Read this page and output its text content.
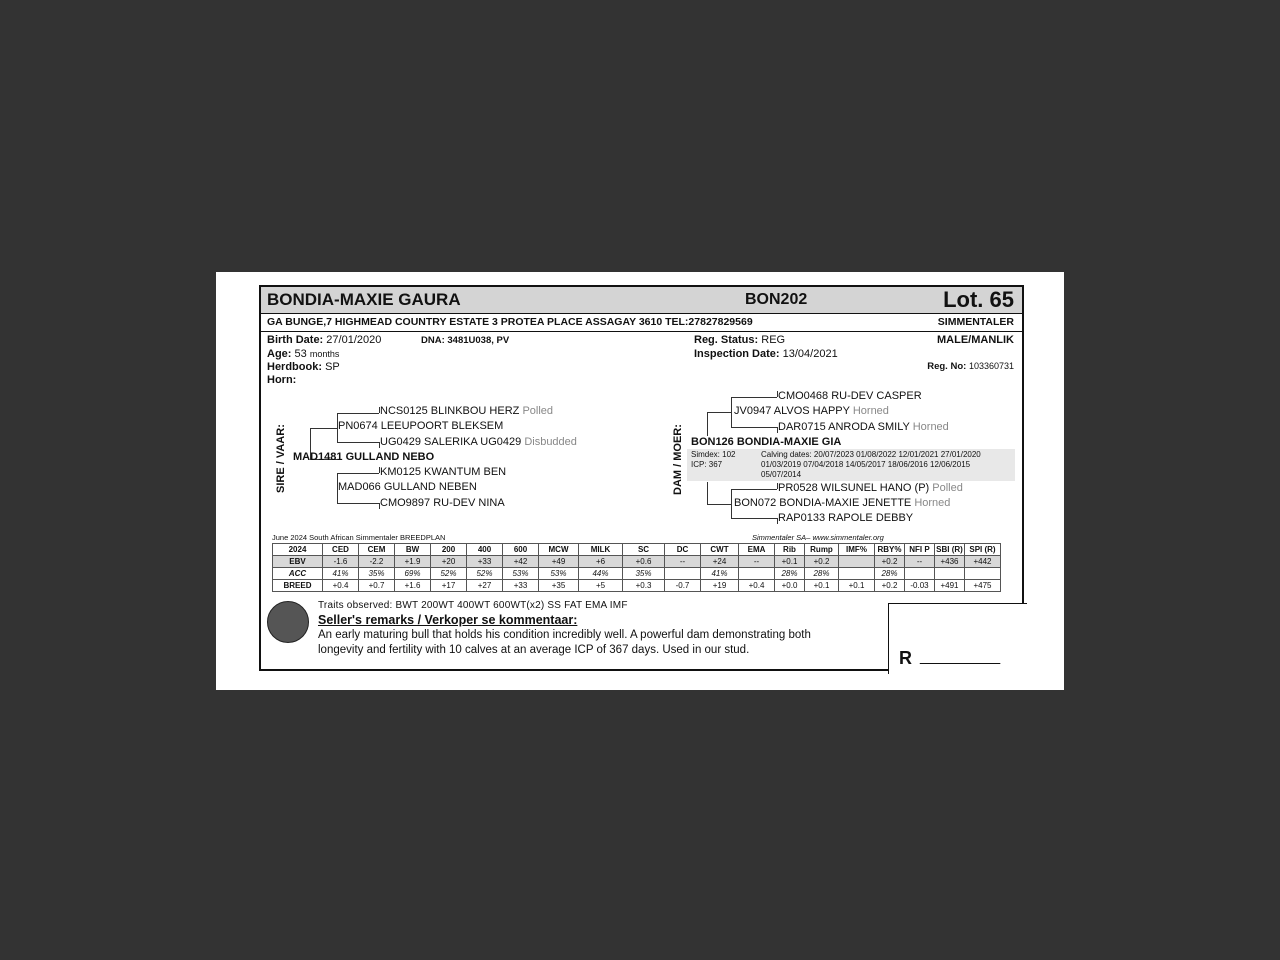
BONDIA-MAXIE GAURA	BON202	Lot. 65
GA BUNGE,7 HIGHMEAD COUNTRY ESTATE 3 PROTEA PLACE ASSAGAY 3610 TEL:27827829569	SIMMENTALER
Birth Date: 27/01/2020	DNA: 3481U038, PV
Age: 53 months
Herdbook: SP
Horn:
Reg. Status: REG
Inspection Date: 13/04/2021
MALE/MANLIK
Reg. No: 103360731
SIRE / VAAR:
NCS0125 BLINKBOU HERZ Polled
PN0674 LEEUPOORT BLEKSEM
UG0429 SALERIKA UG0429 Disbudded
MAD1481 GULLAND NEBO
KM0125 KWANTUM BEN
MAD066 GULLAND NEBEN
CMO9897 RU-DEV NINA
DAM / MOER:
CMO0468 RU-DEV CASPER
JV0947 ALVOS HAPPY Horned
DAR0715 ANRODA SMILY Horned
BON126 BONDIA-MAXIE GIA
Simdex: 102
ICP: 367
Calving dates: 20/07/2023 01/08/2022 12/01/2021 27/01/2020
01/03/2019 07/04/2018 14/05/2017 18/06/2016 12/06/2015
05/07/2014
PR0528 WILSUNEL HANO (P) Polled
BON072 BONDIA-MAXIE JENETTE Horned
RAP0133 RAPOLE DEBBY
June 2024 South African Simmentaler BREEDPLAN	Simmentaler SA– www.simmentaler.org
2024	CED	CEM	BW	200	400	600	MCW	MILK	SC	DC	CWT	EMA	Rib	Rump	IMF%	RBY%	NFI P	SBI (R)	SPI (R)
EBV	-1.6	-2.2	+1.9	+20	+33	+42	+49	+6	+0.6	--	+24	--	+0.1	+0.2		+0.2	--	+436	+442
ACC	41%	35%	69%	52%	52%	53%	53%	44%	35%		41%		28%	28%		28%			
BREED	+0.4	+0.7	+1.6	+17	+27	+33	+35	+5	+0.3	-0.7	+19	+0.4	+0.0	+0.1	+0.1	+0.2	-0.03	+491	+475
Traits observed: BWT 200WT 400WT 600WT(x2) SS FAT EMA IMF
Seller's remarks / Verkoper se kommentaar:
An early maturing bull that holds his condition incredibly well. A powerful dam demonstrating both
longevity and fertility with 10 calves at an average ICP of 367 days. Used in our stud.	R _________
